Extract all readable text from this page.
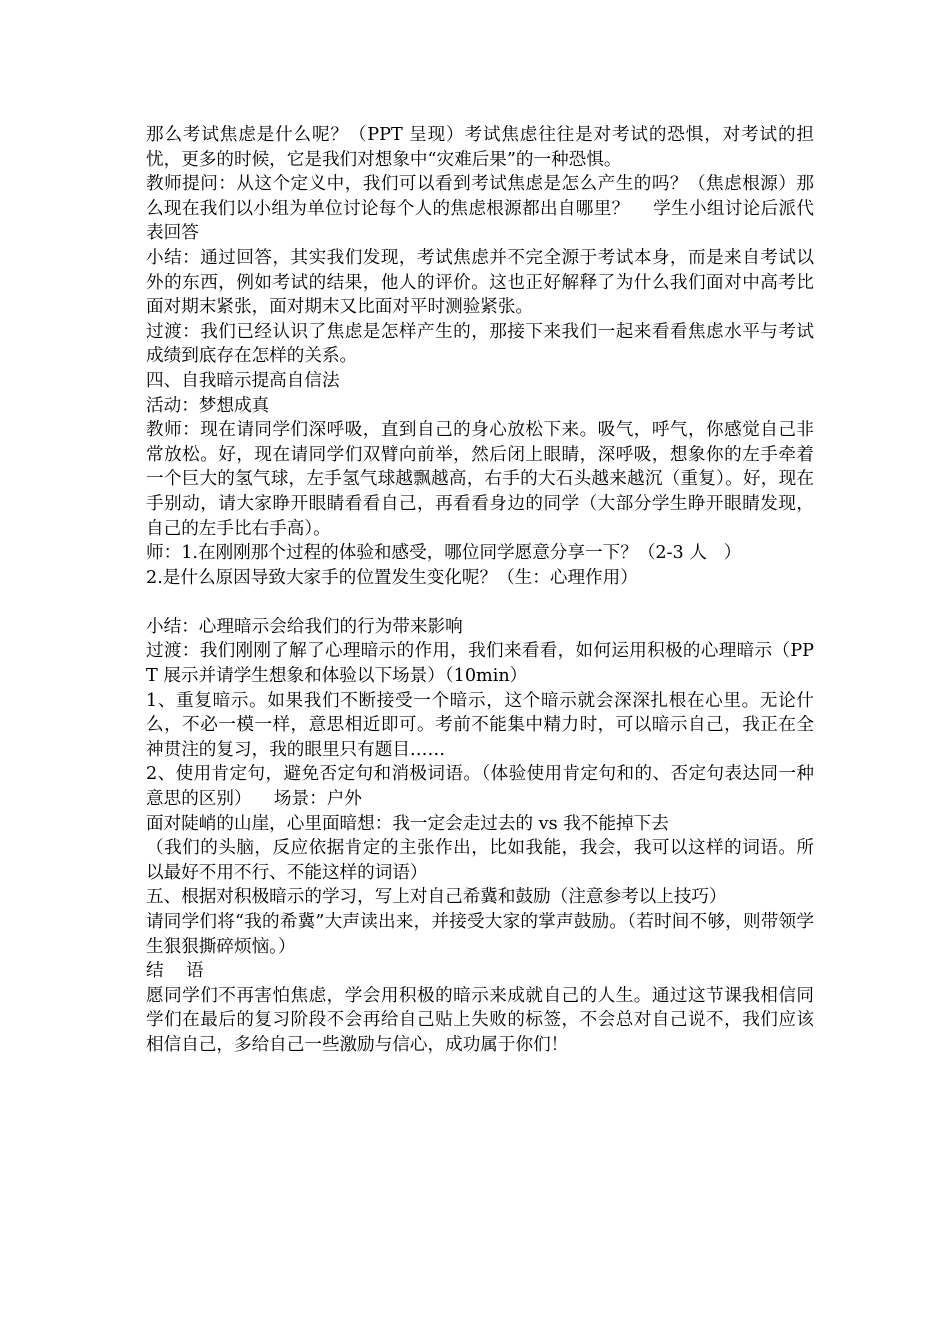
那么考试焦虑是什么呢？（PPT 呈现）考试焦虑往往是对考试的恐惧，对考试的担忧，更多的时候，它是我们对想象中“灾难后果”的一种恐惧。

教师提问：从这个定义中，我们可以看到考试焦虑是怎么产生的吗？（焦虑根源）那么现在我们以小组为单位讨论每个人的焦虑根源都出自哪里？    学生小组讨论后派代表回答

小结：通过回答，其实我们发现，考试焦虑并不完全源于考试本身，而是来自考试以外的东西，例如考试的结果，他人的评价。这也正好解释了为什么我们面对中高考比面对期末紧张，面对期末又比面对平时测验紧张。

过渡：我们已经认识了焦虑是怎样产生的，那接下来我们一起来看看焦虑水平与考试成绩到底存在怎样的关系。

四、自我暗示提高自信法

活动：梦想成真

教师：现在请同学们深呼吸，直到自己的身心放松下来。吸气，呼气，你感觉自己非常放松。好，现在请同学们双臂向前举，然后闭上眼睛，深呼吸，想象你的左手牵着一个巨大的氢气球，左手氢气球越飘越高，右手的大石头越来越沉（重复）。好，现在手别动，请大家睁开眼睛看看自己，再看看身边的同学（大部分学生睁开眼睛发现，自己的左手比右手高）。

师：1.在刚刚那个过程的体验和感受，哪位同学愿意分享一下？（2-3 人   ）

2.是什么原因导致大家手的位置发生变化呢？（生：心理作用）

小结：心理暗示会给我们的行为带来影响

过渡：我们刚刚了解了心理暗示的作用，我们来看看，如何运用积极的心理暗示（PPT 展示并请学生想象和体验以下场景）（10min）

1、重复暗示。如果我们不断接受一个暗示，这个暗示就会深深扎根在心里。无论什么，不必一模一样，意思相近即可。考前不能集中精力时，可以暗示自己，我正在全神贯注的复习，我的眼里只有题目……

2、使用肯定句，避免否定句和消极词语。（体验使用肯定句和的、否定句表达同一种意思的区别）    场景：户外

面对陡峭的山崖，心里面暗想：我一定会走过去的 vs 我不能掉下去

（我们的头脑，反应依据肯定的主张作出，比如我能，我会，我可以这样的词语。所以最好不用不行、不能这样的词语）

五、根据对积极暗示的学习，写上对自己希冀和鼓励（注意参考以上技巧）

请同学们将“我的希冀”大声读出来，并接受大家的掌声鼓励。（若时间不够，则带领学生狠狠撕碎烦恼。）

结    语

愿同学们不再害怕焦虑，学会用积极的暗示来成就自己的人生。通过这节课我相信同学们在最后的复习阶段不会再给自己贴上失败的标签，不会总对自己说不，我们应该相信自己，多给自己一些激励与信心，成功属于你们！
